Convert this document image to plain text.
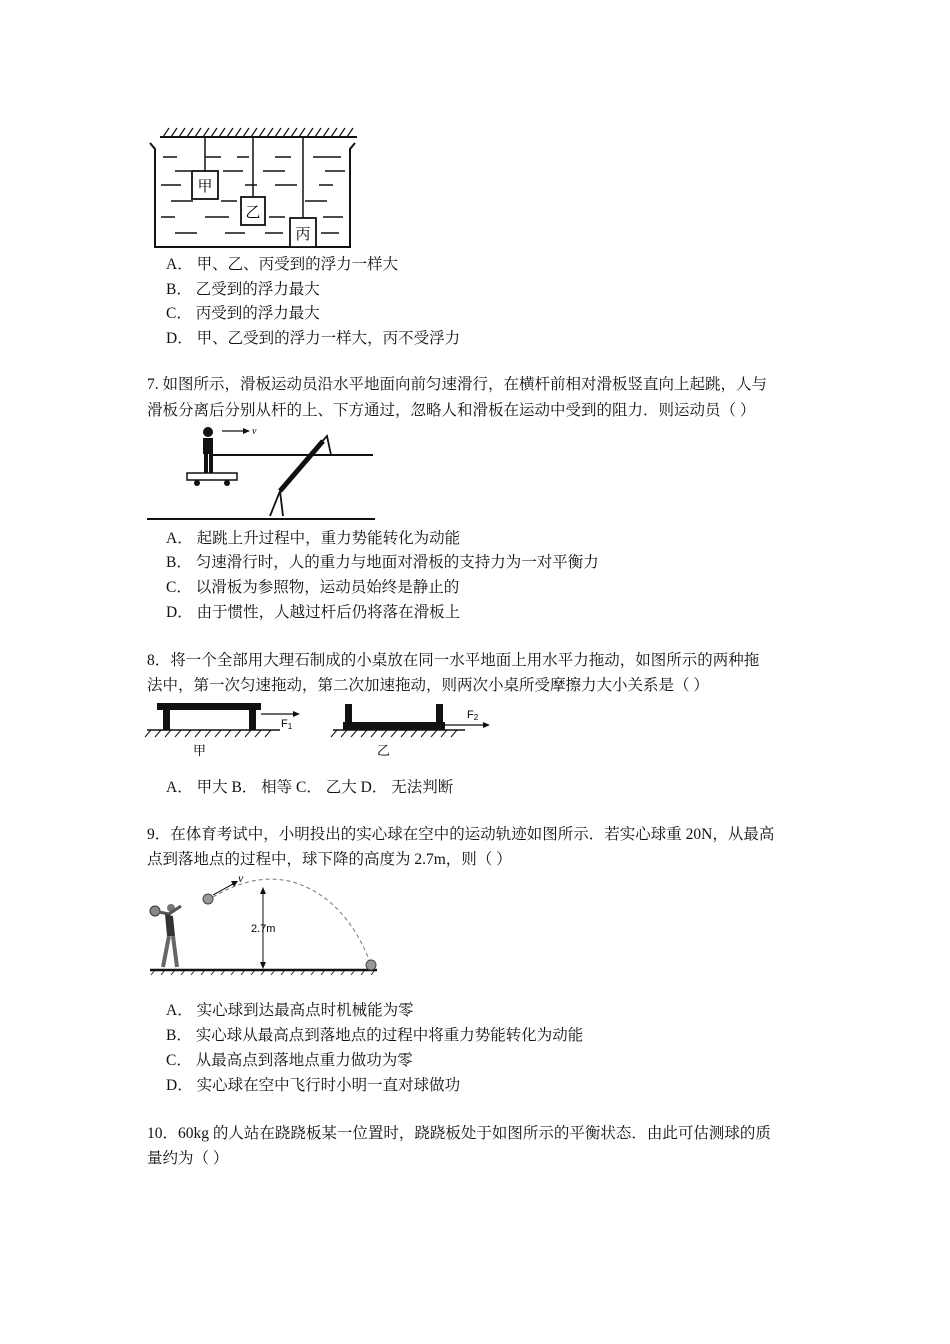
甲
乙
丙
A． 甲、乙、丙受到的浮力一样大
B． 乙受到的浮力最大
C． 丙受到的浮力最大
D． 甲、乙受到的浮力一样大，丙不受浮力
7. 如图所示，滑板运动员沿水平地面向前匀速滑行，在横杆前相对滑板竖直向上起跳，人与
滑板分离后分别从杆的上、下方通过，忽略人和滑板在运动中受到的阻力．则运动员（ ）
v
A． 起跳上升过程中，重力势能转化为动能
B． 匀速滑行时，人的重力与地面对滑板的支持力为一对平衡力
C． 以滑板为参照物，运动员始终是静止的
D． 由于惯性，人越过杆后仍将落在滑板上
8．将一个全部用大理石制成的小桌放在同一水平地面上用水平力拖动，如图所示的两种拖
法中，第一次匀速拖动，第二次加速拖动，则两次小桌所受摩擦力大小关系是（ ）
F1
甲
F2
乙
A． 甲大 B． 相等 C． 乙大 D． 无法判断
9．在体育考试中，小明投出的实心球在空中的运动轨迹如图所示．若实心球重 20N，从最高
点到落地点的过程中，球下降的高度为 2.7m，则（ ）
v
2.7m
A． 实心球到达最高点时机械能为零
B． 实心球从最高点到落地点的过程中将重力势能转化为动能
C． 从最高点到落地点重力做功为零
D． 实心球在空中飞行时小明一直对球做功
10．60kg 的人站在跷跷板某一位置时，跷跷板处于如图所示的平衡状态．由此可估测球的质
量约为（ ）
